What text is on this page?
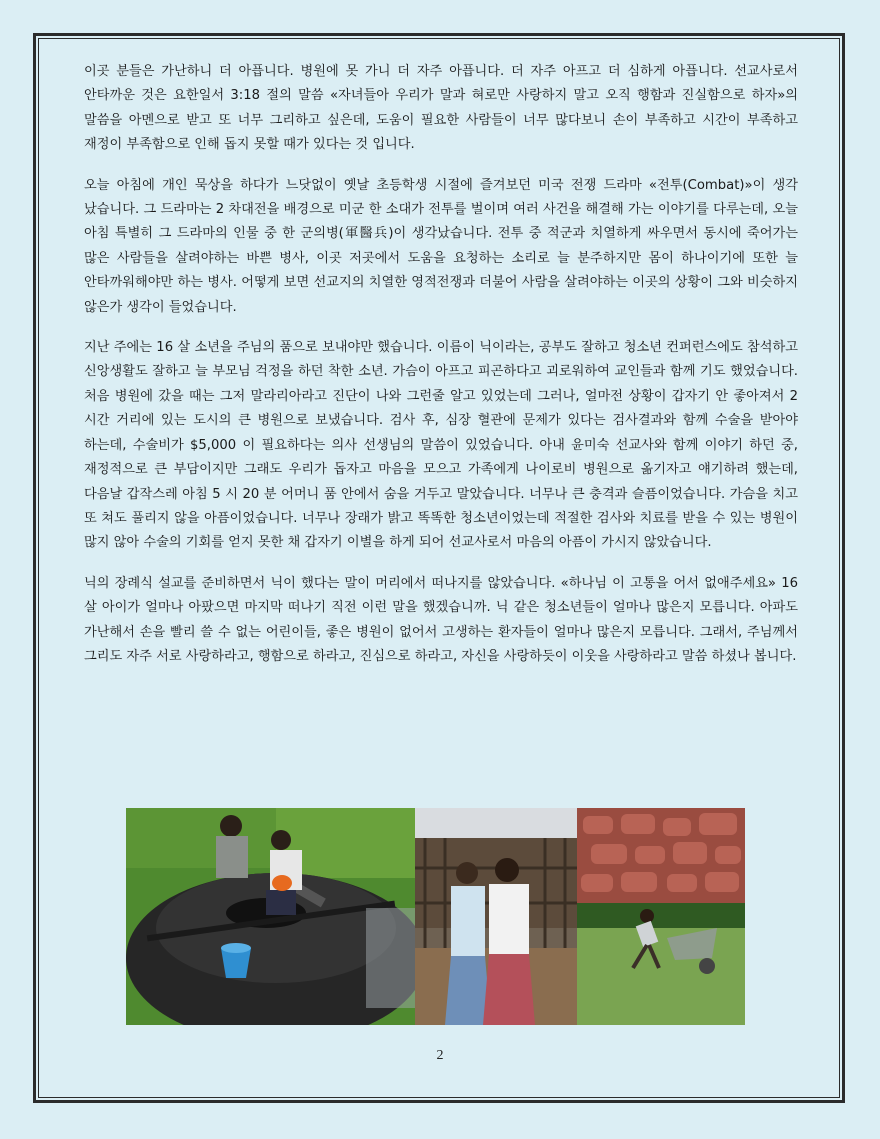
이곳 분들은 가난하니 더 아픕니다. 병원에 못 가니 더 자주 아픕니다. 더 자주 아프고 더 심하게 아픕니다. 선교사로서 안타까운 것은 요한일서 3:18 절의 말씀 «자녀들아 우리가 말과 혀로만 사랑하지 말고 오직 행함과 진실함으로 하자»의 말씀을 아멘으로 받고 또 너무 그리하고 싶은데, 도움이 필요한 사람들이 너무 많다보니 손이 부족하고 시간이 부족하고 재정이 부족함으로 인해 돕지 못할 때가 있다는 것 입니다.

오늘 아침에 개인 묵상을 하다가 느닷없이 옛날 초등학생 시절에 즐겨보던 미국 전쟁 드라마 «전투(Combat)»이 생각 났습니다. 그 드라마는 2 차대전을 배경으로 미군 한 소대가 전투를 벌이며 여러 사건을 해결해 가는 이야기를 다루는데, 오늘 아침 특별히 그 드라마의 인물 중 한 군의병(軍醫兵)이 생각났습니다. 전투 중 적군과 치열하게 싸우면서 동시에 죽어가는 많은 사람들을 살려야하는 바쁜 병사, 이곳 저곳에서 도움을 요청하는 소리로 늘 분주하지만 몸이 하나이기에 또한 늘 안타까워해야만 하는 병사. 어떻게 보면 선교지의 치열한 영적전쟁과 더불어 사람을 살려야하는 이곳의 상황이 그와 비슷하지 않은가 생각이 들었습니다.

지난 주에는 16 살 소년을 주님의 품으로 보내야만 했습니다. 이름이 닉이라는, 공부도 잘하고 청소년 컨퍼런스에도 참석하고 신앙생활도 잘하고 늘 부모님 걱정을 하던 착한 소년. 가슴이 아프고 피곤하다고 괴로워하여 교인들과 함께 기도 했었습니다. 처음 병원에 갔을 때는 그저 말라리아라고 진단이 나와 그런줄 알고 있었는데 그러나, 얼마전 상황이 갑자기 안 좋아져서 2 시간 거리에 있는 도시의 큰 병원으로 보냈습니다. 검사 후, 심장 혈관에 문제가 있다는 검사결과와 함께 수술을 받아야 하는데, 수술비가 $5,000 이 필요하다는 의사 선생님의 말씀이 있었습니다. 아내 윤미숙 선교사와 함께 이야기 하던 중, 재정적으로 큰 부담이지만 그래도 우리가 돕자고 마음을 모으고 가족에게 나이로비 병원으로 옮기자고 얘기하려 했는데, 다음날 갑작스레 아침 5 시 20 분 어머니 품 안에서 숨을 거두고 말았습니다. 너무나 큰 충격과 슬픔이었습니다. 가슴을 치고 또 쳐도 풀리지 않을 아픔이었습니다. 너무나 장래가 밝고 똑똑한 청소년이었는데 적절한 검사와 치료를 받을 수 있는 병원이 많지 않아 수술의 기회를 얻지 못한 채 갑자기 이별을 하게 되어 선교사로서 마음의 아픔이 가시지 않았습니다.

닉의 장례식 설교를 준비하면서 닉이 했다는 말이 머리에서 떠나지를 않았습니다. «하나님 이 고통을 어서 없애주세요» 16 살 아이가 얼마나 아팠으면 마지막 떠나기 직전 이런 말을 했겠습니까. 닉 같은 청소년들이 얼마나 많은지 모릅니다. 아파도 가난해서 손을 빨리 쓸 수 없는 어린이들, 좋은 병원이 없어서 고생하는 환자들이 얼마나 많은지 모릅니다. 그래서, 주님께서 그리도 자주 서로 사랑하라고, 행함으로 하라고, 진심으로 하라고, 자신을 사랑하듯이 이웃을 사랑하라고 말씀 하셨나 봅니다.

2
